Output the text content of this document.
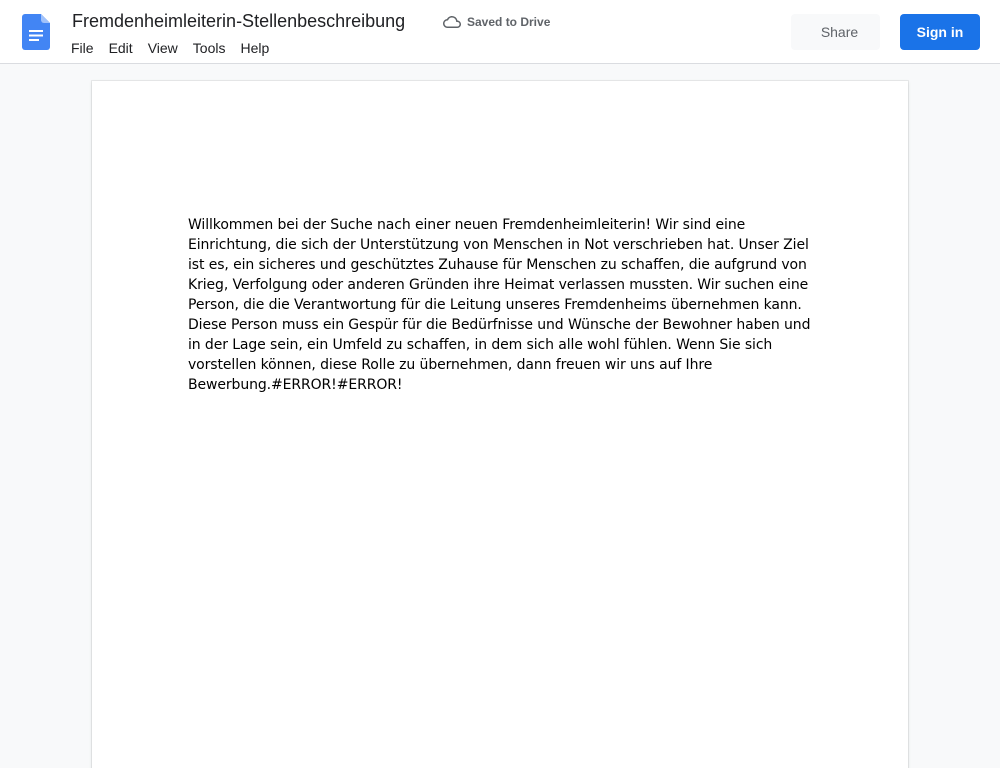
Fremdenheimleiterin-Stellenbeschreibung	Saved to Drive
File	Edit	View	Tools	Help
Share	Sign in

Willkommen bei der Suche nach einer neuen Fremdenheimleiterin! Wir sind eine Einrichtung, die sich der Unterstützung von Menschen in Not verschrieben hat. Unser Ziel ist es, ein sicheres und geschütztes Zuhause für Menschen zu schaffen, die aufgrund von Krieg, Verfolgung oder anderen Gründen ihre Heimat verlassen mussten. Wir suchen eine Person, die die Verantwortung für die Leitung unseres Fremdenheims übernehmen kann. Diese Person muss ein Gespür für die Bedürfnisse und Wünsche der Bewohner haben und in der Lage sein, ein Umfeld zu schaffen, in dem sich alle wohl fühlen. Wenn Sie sich vorstellen können, diese Rolle zu übernehmen, dann freuen wir uns auf Ihre Bewerbung.#ERROR!#ERROR!
